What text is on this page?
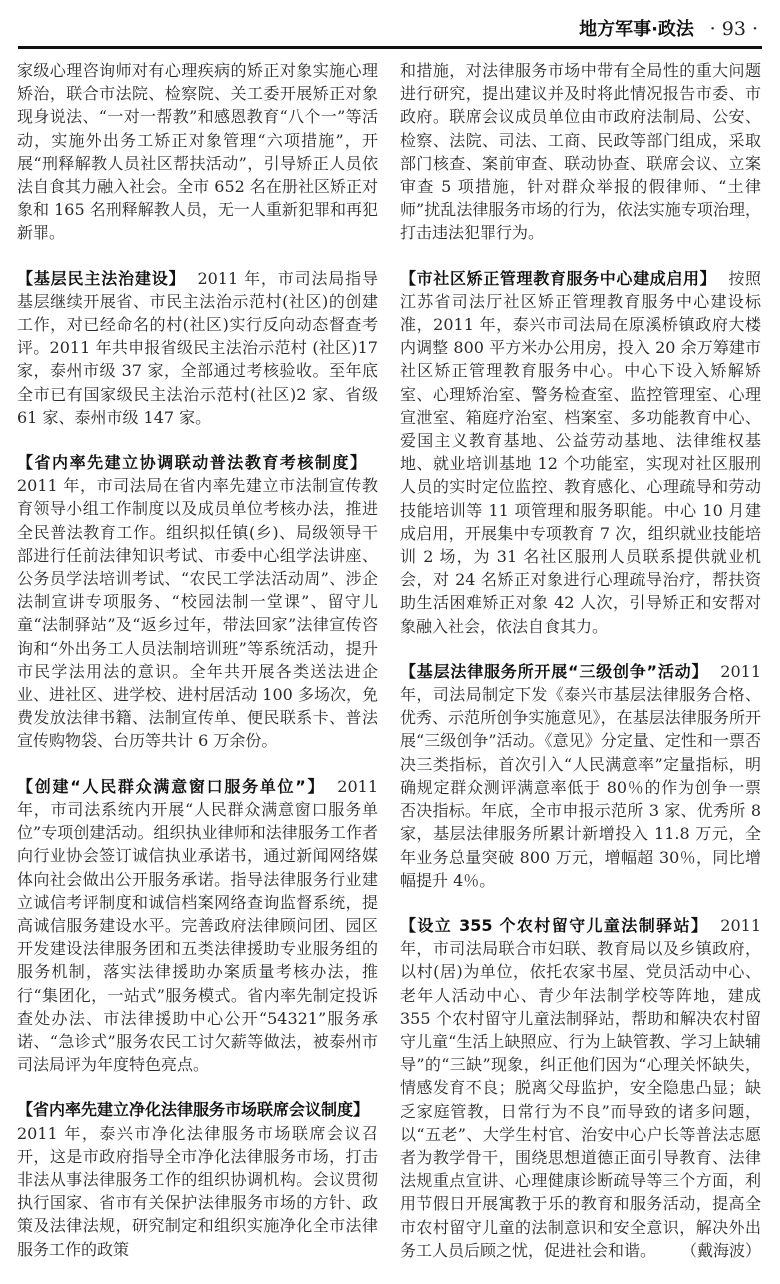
地方军事·政法 · 93 ·

家级心理咨询师对有心理疾病的矫正对象实施心理矫治，联合市法院、检察院、关工委开展矫正对象现身说法、“一对一帮教”和感恩教育“八个一”等活动，实施外出务工矫正对象管理“六项措施”，开展“刑释解教人员社区帮扶活动”，引导矫正人员依法自食其力融入社会。全市 652 名在册社区矫正对象和 165 名刑释解教人员，无一人重新犯罪和再犯新罪。

【基层民主法治建设】 2011 年，市司法局指导基层继续开展省、市民主法治示范村(社区)的创建工作，对已经命名的村(社区)实行反向动态督查考评。2011 年共申报省级民主法治示范村 (社区)17 家，泰州市级 37 家，全部通过考核验收。至年底全市已有国家级民主法治示范村(社区)2 家、省级 61 家、泰州市级 147 家。

【省内率先建立协调联动普法教育考核制度】2011 年，市司法局在省内率先建立市法制宣传教育领导小组工作制度以及成员单位考核办法，推进全民普法教育工作。组织拟任镇(乡)、局级领导干部进行任前法律知识考试、市委中心组学法讲座、公务员学法培训考试、“农民工学法活动周”、涉企法制宣讲专项服务、“校园法制一堂课”、留守儿童“法制驿站”及“返乡过年，带法回家”法律宣传咨询和“外出务工人员法制培训班”等系统活动，提升市民学法用法的意识。全年共开展各类送法进企业、进社区、进学校、进村居活动 100 多场次，免费发放法律书籍、法制宣传单、便民联系卡、普法宣传购物袋、台历等共计 6 万余份。

【创建“人民群众满意窗口服务单位”】 2011 年，市司法系统内开展“人民群众满意窗口服务单位”专项创建活动。组织执业律师和法律服务工作者向行业协会签订诚信执业承诺书，通过新闻网络媒体向社会做出公开服务承诺。指导法律服务行业建立诚信考评制度和诚信档案网络查询监督系统，提高诚信服务建设水平。完善政府法律顾问团、园区开发建设法律服务团和五类法律援助专业服务组的服务机制，落实法律援助办案质量考核办法，推行“集团化，一站式”服务模式。省内率先制定投诉查处办法、市法律援助中心公开“54321”服务承诺、“急诊式”服务农民工讨欠薪等做法，被泰州市司法局评为年度特色亮点。

【省内率先建立净化法律服务市场联席会议制度】2011 年，泰兴市净化法律服务市场联席会议召开，这是市政府指导全市净化法律服务市场，打击非法从事法律服务工作的组织协调机构。会议贯彻执行国家、省市有关保护法律服务市场的方针、政策及法律法规，研究制定和组织实施净化全市法律服务工作的政策

和措施，对法律服务市场中带有全局性的重大问题进行研究，提出建议并及时将此情况报告市委、市政府。联席会议成员单位由市政府法制局、公安、检察、法院、司法、工商、民政等部门组成，采取部门核查、案前审查、联动协查、联席会议、立案审查 5 项措施，针对群众举报的假律师、“土律师”扰乱法律服务市场的行为，依法实施专项治理，打击违法犯罪行为。

【市社区矫正管理教育服务中心建成启用】 按照江苏省司法厅社区矫正管理教育服务中心建设标准，2011 年，泰兴市司法局在原溪桥镇政府大楼内调整 800 平方米办公用房，投入 20 余万筹建市社区矫正管理教育服务中心。中心下设入矫解矫室、心理矫治室、警务检查室、监控管理室、心理宣泄室、箱庭疗治室、档案室、多功能教育中心、爱国主义教育基地、公益劳动基地、法律维权基地、就业培训基地 12 个功能室，实现对社区服刑人员的实时定位监控、教育感化、心理疏导和劳动技能培训等 11 项管理和服务职能。中心 10 月建成启用，开展集中专项教育 7 次，组织就业技能培训 2 场，为 31 名社区服刑人员联系提供就业机会，对 24 名矫正对象进行心理疏导治疗，帮扶资助生活困难矫正对象 42 人次，引导矫正和安帮对象融入社会，依法自食其力。

【基层法律服务所开展“三级创争”活动】 2011 年，司法局制定下发《泰兴市基层法律服务合格、优秀、示范所创争实施意见》，在基层法律服务所开展“三级创争”活动。《意见》分定量、定性和一票否决三类指标，首次引入“人民满意率”定量指标，明确规定群众测评满意率低于 80％的作为创争一票否决指标。年底，全市申报示范所 3 家、优秀所 8 家，基层法律服务所累计新增投入 11.8 万元，全年业务总量突破 800 万元，增幅超 30％，同比增幅提升 4％。

【设立 355 个农村留守儿童法制驿站】 2011 年，市司法局联合市妇联、教育局以及乡镇政府，以村(居)为单位，依托农家书屋、党员活动中心、老年人活动中心、青少年法制学校等阵地，建成 355 个农村留守儿童法制驿站，帮助和解决农村留守儿童“生活上缺照应、行为上缺管教、学习上缺辅导”的“三缺”现象，纠正他们因为“心理关怀缺失，情感发育不良；脱离父母监护，安全隐患凸显；缺乏家庭管教，日常行为不良”而导致的诸多问题，以“五老”、大学生村官、治安中心户长等普法志愿者为教学骨干，围绕思想道德正面引导教育、法律法规重点宣讲、心理健康诊断疏导等三个方面，利用节假日开展寓教于乐的教育和服务活动，提高全市农村留守儿童的法制意识和安全意识，解决外出务工人员后顾之忧，促进社会和谐。 （戴海波）
